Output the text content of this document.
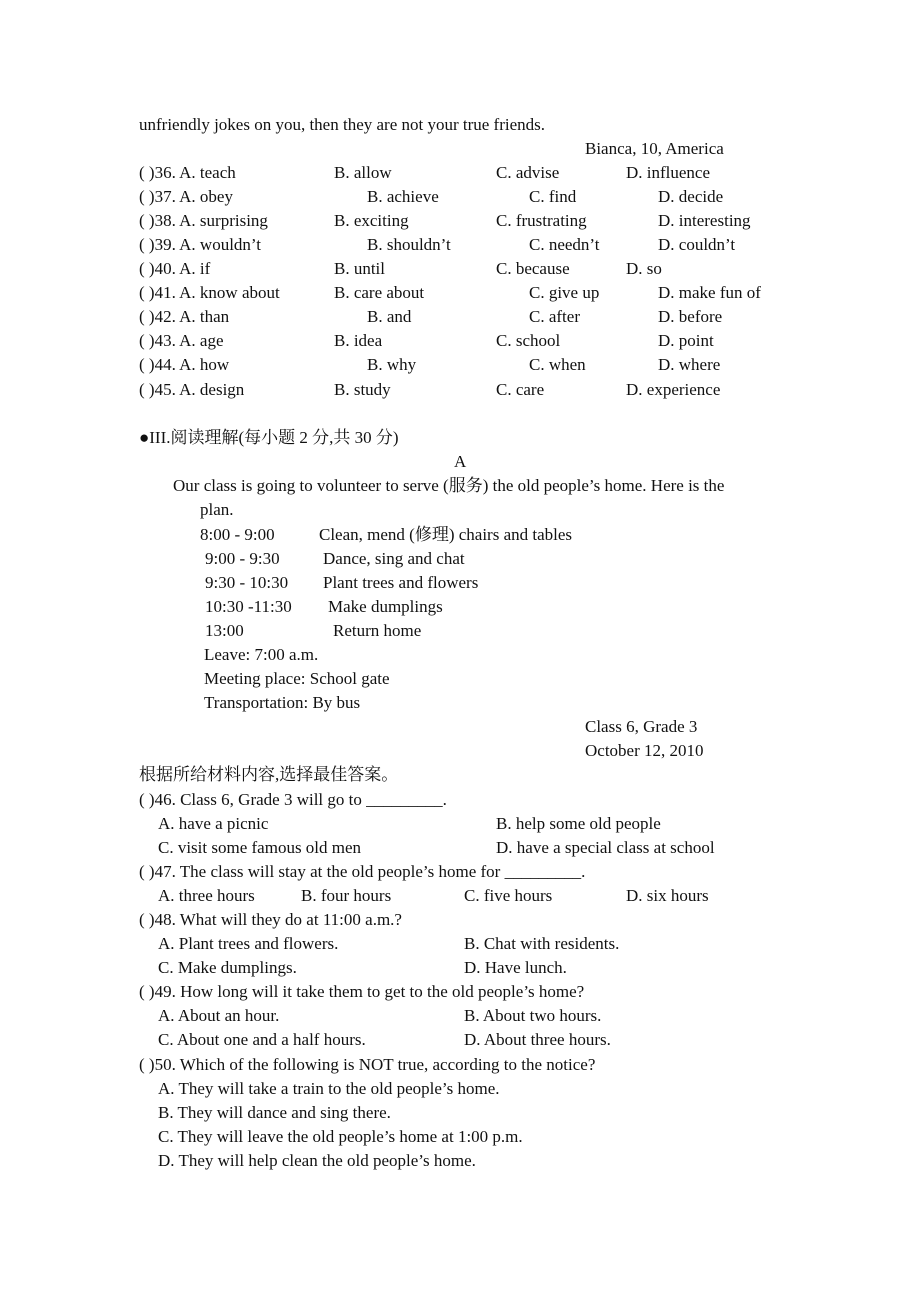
unfriendly jokes on you, then they are not your true friends.
Bianca, 10, America
( )36. A. teach	B. allow	C. advise	D. influence
( )37. A. obey	B. achieve	C. find	D. decide
( )38. A. surprising	B. exciting	C. frustrating	D. interesting
( )39. A. wouldn’t	B. shouldn’t	C. needn’t	D. couldn’t
( )40. A. if	B. until	C. because	D. so
( )41. A. know about	B. care about	C. give up	D. make fun of
( )42. A. than	B. and	C. after	D. before
( )43. A. age	B. idea	C. school	D. point
( )44. A. how	B. why	C. when	D. where
( )45. A. design	B. study	C. care	D. experience
●III.阅读理解(每小题 2 分,共 30 分)
A
Our class is going to volunteer to serve (服务) the old people’s home. Here is the
plan.
8:00 - 9:00	Clean, mend (修理) chairs and tables
9:00 - 9:30	Dance, sing and chat
9:30 - 10:30 Plant trees and flowers
10:30 -11:30 Make dumplings
13:00	Return home
Leave: 7:00 a.m.
Meeting place: School gate
Transportation: By bus
Class 6, Grade 3
October 12, 2010
根据所给材料内容,选择最佳答案。
( )46. Class 6, Grade 3 will go to _________.
A. have a picnic	B. help some old people
C. visit some famous old men	D. have a special class at school
( )47. The class will stay at the old people’s home for _________.
A. three hours	B. four hours	C. five hours	D. six hours
( )48. What will they do at 11:00 a.m.?
A. Plant trees and flowers.	B. Chat with residents.
C. Make dumplings.	D. Have lunch.
( )49. How long will it take them to get to the old people’s home?
A. About an hour.	B. About two hours.
C. About one and a half hours.	D. About three hours.
( )50. Which of the following is NOT true, according to the notice?
A. They will take a train to the old people’s home.
B. They will dance and sing there.
C. They will leave the old people’s home at 1:00 p.m.
D. They will help clean the old people’s home.
